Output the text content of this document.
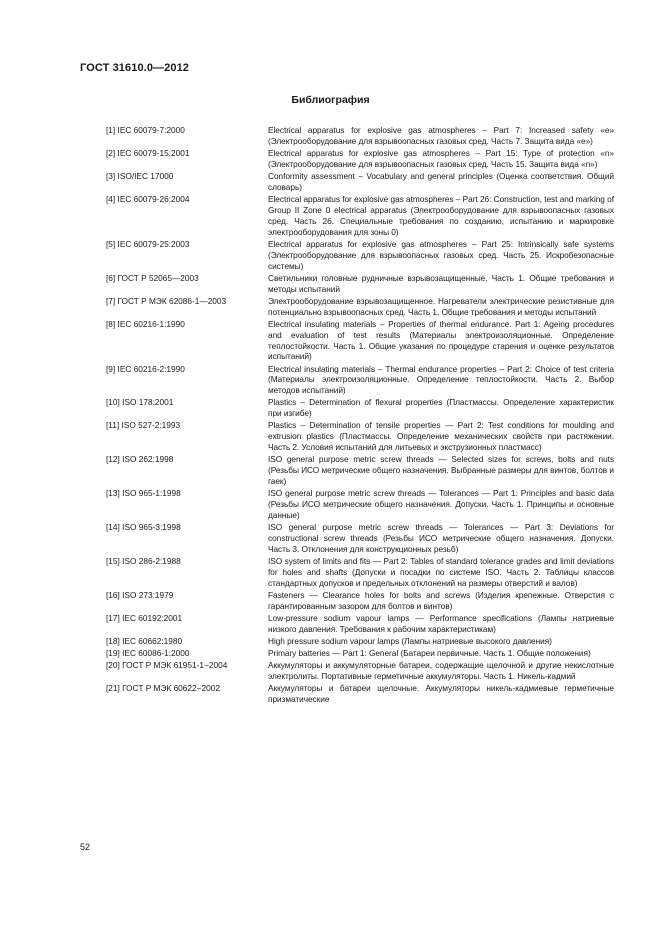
ГОСТ 31610.0—2012
Библиография
[1] IEC 60079-7:2000	Electrical apparatus for explosive gas atmospheres – Part 7: Increased safety «е» (Электрооборудование для взрывоопасных газовых сред. Часть 7. Защита вида «е»)
[2] IEC 60079-15:2001	Electrical apparatus for explosive gas atmospheres – Part 15: Type of protection «n» (Электрооборудование для взрывоопасных газовых сред. Часть 15. Защита вида «n»)
[3] ISO/IEC 17000	Conformity assessment – Vocabulary and general principles (Оценка соответствия. Общий словарь)
[4] IEC 60079-26:2004	Electrical apparatus for explosive gas atmospheres – Part 26: Construction, test and marking of Group II Zone 0 electrical apparatus (Электрооборудование для взрывоопасных газовых сред. Часть 26. Специальные требования по созданию, испытанию и маркировке электрооборудования для зоны 0)
[5] IEC 60079-25:2003	Electrical apparatus for explosive gas atmospheres – Part 25: Intrinsically safe systems (Электрооборудование для взрывоопасных газовых сред. Часть 25. Искробезопасные системы)
[6] ГОСТ Р 52065—2003	Светильники головные рудничные взрывозащищенные. Часть 1. Общие требования и методы испытаний
[7] ГОСТ Р МЭК 62086-1—2003	Электрооборудование взрывозащищенное. Нагреватели электрические резистивные для потенциально взрывоопасных сред. Часть 1. Общие требования и методы испытаний
[8] IEC 60216-1:1990	Electrical insulating materials – Properties of thermal endurance. Part 1: Ageing procedures and evaluation of test results (Материалы электроизоляционные. Определение теплостойкости. Часть 1. Общие указания по процедуре старения и оценке результатов испытаний)
[9] IEC 60216-2:1990	Electrical insulating materials – Thermal endurance properties – Part 2: Choice of test criteria (Материалы электроизоляционные. Определение теплостойкости. Часть 2. Выбор методов испытаний)
[10] ISO 178:2001	Plastics – Determination of flexural properties (Пластмассы. Определение характеристик при изгибе)
[11] ISO 527-2:1993	Plastics – Determination of tensile properties — Part 2: Test conditions for moulding and extrusion plastics (Пластмассы. Определение механических свойств при растяжении. Часть 2. Условия испытаний для литьевых и экструзионных пластмасс)
[12] ISO 262:1998	ISO general purpose metric screw threads — Selected sizes for screws, bolts and nuts (Резьбы ИСО метрические общего назначения. Выбранные размеры для винтов, болтов и гаек)
[13] ISO 965-1:1998	ISO general purpose metric screw threads — Tolerances — Part 1: Principles and basic data (Резьбы ИСО метрические общего назначения. Допуски. Часть 1. Принципы и основные данные)
[14] ISO 965-3:1998	ISO general purpose metric screw threads — Tolerances — Part 3: Deviations for constructional screw threads (Резьбы ИСО метрические общего назначения. Допуски. Часть 3. Отклонения для конструкционных резьб)
[15] ISO 286-2:1988	ISO system of limits and fits — Part 2: Tables of standard tolerance grades and limit deviations for holes and shafts (Допуски и посадки по системе ISO. Часть 2. Таблицы классов стандартных допусков и предельных отклонений на размеры отверстий и валов)
[16] ISO 273:1979	Fasteners — Clearance holes for bolts and screws (Изделия крепежные. Отверстия с гарантированным зазором для болтов и винтов)
[17] IEC 60192:2001	Low-pressure sodium vapour lamps — Performance specifications (Лампы натриевые низкого давления. Требования к рабочим характеристикам)
[18] IEC 60662:1980	High pressure sodium vapour lamps (Лампы натриевые высокого давления)
[19] IEC 60086-1:2000	Primary batteries — Part 1: General (Батареи первичные. Часть 1. Общие положения)
[20] ГОСТ Р МЭК 61951-1−2004	Аккумуляторы и аккумуляторные батареи, содержащие щелочной и другие некислотные электролиты. Портативные герметичные аккумуляторы. Часть 1. Никель-кадмий
[21] ГОСТ Р МЭК 60622−2002	Аккумуляторы и батареи щелочные. Аккумуляторы никель-кадмиевые герметичные призматические
52
